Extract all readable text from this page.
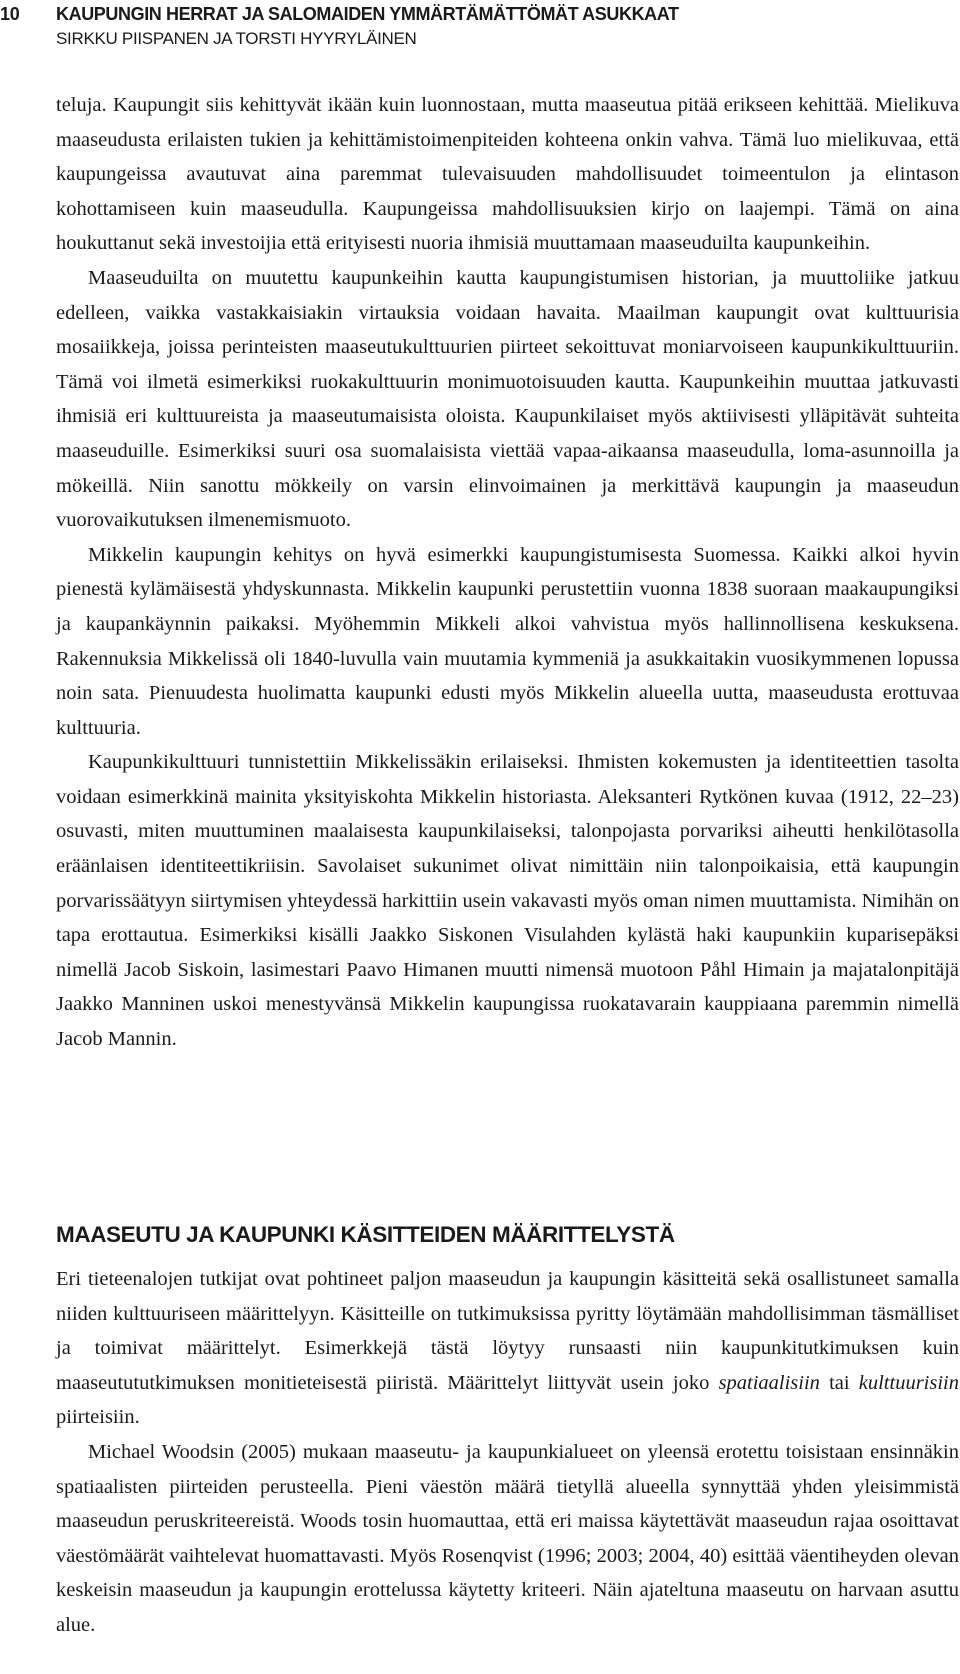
10 KAUPUNGIN HERRAT JA SALOMAIDEN YMMÄRTÄMÄTTÖMÄT ASUKKAAT
SIRKKU PIISPANEN JA TORSTI HYYRYLÄINEN

teluja. Kaupungit siis kehittyvät ikään kuin luonnostaan, mutta maaseutua pitää erikseen kehittää. Mielikuva maaseudusta erilaisten tukien ja kehittämistoimenpiteiden kohteena onkin vahva. Tämä luo mielikuvaa, että kaupungeissa avautuvat aina paremmat tulevaisuuden mahdollisuudet toimeentulon ja elintason kohottamiseen kuin maaseudulla. Kaupungeissa mahdollisuuksien kirjo on laajempi. Tämä on aina houkuttanut sekä investoijia että erityisesti nuoria ihmisiä muuttamaan maaseuduilta kaupunkeihin.

Maaseuduilta on muutettu kaupunkeihin kautta kaupungistumisen historian, ja muuttoliike jatkuu edelleen, vaikka vastakkaisiakin virtauksia voidaan havaita. Maailman kaupungit ovat kulttuurisia mosaiikkeja, joissa perinteisten maaseutukulttuurien piirteet sekoittuvat moniarvoiseen kaupunkikulttuuriin. Tämä voi ilmetä esimerkiksi ruokakulttuurin monimuotoisuuden kautta. Kaupunkeihin muuttaa jatkuvasti ihmisiä eri kulttuureista ja maaseutumaisista oloista. Kaupunkilaiset myös aktiivisesti ylläpitävät suhteita maaseuduille. Esimerkiksi suuri osa suomalaisista viettää vapaa-aikaansa maaseudulla, loma-asunnoilla ja mökeillä. Niin sanottu mökkeily on varsin elinvoimainen ja merkittävä kaupungin ja maaseudun vuorovaikutuksen ilmenemismuoto.

Mikkelin kaupungin kehitys on hyvä esimerkki kaupungistumisesta Suomessa. Kaikki alkoi hyvin pienestä kylämäisestä yhdyskunnasta. Mikkelin kaupunki perustettiin vuonna 1838 suoraan maakaupungiksi ja kaupankäynnin paikaksi. Myöhemmin Mikkeli alkoi vahvistua myös hallinnollisena keskuksena. Rakennuksia Mikkelissä oli 1840-luvulla vain muutamia kymmeniä ja asukkaitakin vuosikymmenen lopussa noin sata. Pienuudesta huolimatta kaupunki edusti myös Mikkelin alueella uutta, maaseudusta erottuvaa kulttuuria.

Kaupunkikulttuuri tunnistettiin Mikkelissäkin erilaiseksi. Ihmisten kokemusten ja identiteettien tasolta voidaan esimerkkinä mainita yksityiskohta Mikkelin historiasta. Aleksanteri Rytkönen kuvaa (1912, 22–23) osuvasti, miten muuttuminen maalaisesta kaupunkilaiseksi, talonpojasta porvariksi aiheutti henkilötasolla eräänlaisen identiteettikriisin. Savolaiset sukunimet olivat nimittäin niin talonpoikaisia, että kaupungin porvarissäätyyn siirtymisen yhteydessä harkittiin usein vakavasti myös oman nimen muuttamista. Nimihän on tapa erottautua. Esimerkiksi kisälli Jaakko Siskonen Visulahden kylästä haki kaupunkiin kuparisepäksi nimellä Jacob Siskoin, lasimestari Paavo Himanen muutti nimensä muotoon Påhl Himain ja majatalonpitäjä Jaakko Manninen uskoi menestyvänsä Mikkelin kaupungissa ruokatavarain kauppiaana paremmin nimellä Jacob Mannin.

MAASEUTU JA KAUPUNKI KÄSITTEIDEN MÄÄRITTELYSTÄ

Eri tieteenalojen tutkijat ovat pohtineet paljon maaseudun ja kaupungin käsitteitä sekä osallistuneet samalla niiden kulttuuriseen määrittelyyn. Käsitteille on tutkimuksissa pyritty löytämään mahdollisimman täsmälliset ja toimivat määrittelyt. Esimerkkejä tästä löytyy runsaasti niin kaupunkitutkimuksen kuin maaseutututkimuksen monitieteisestä piiristä. Määrittelyt liittyvät usein joko spatiaalisiin tai kulttuurisiin piirteisiin.

Michael Woodsin (2005) mukaan maaseutu- ja kaupunkialueet on yleensä erotettu toisistaan ensinnäkin spatiaalisten piirteiden perusteella. Pieni väestön määrä tietyllä alueella synnyttää yhden yleisimmistä maaseudun peruskriteereistä. Woods tosin huomauttaa, että eri maissa käytettävät maaseudun rajaa osoittavat väestömäärät vaihtelevat huomattavasti. Myös Rosenqvist (1996; 2003; 2004, 40) esittää väentiheyden olevan keskeisin maaseudun ja kaupungin erottelussa käytetty kriteeri. Näin ajateltuna maaseutu on harvaan asuttu alue.
